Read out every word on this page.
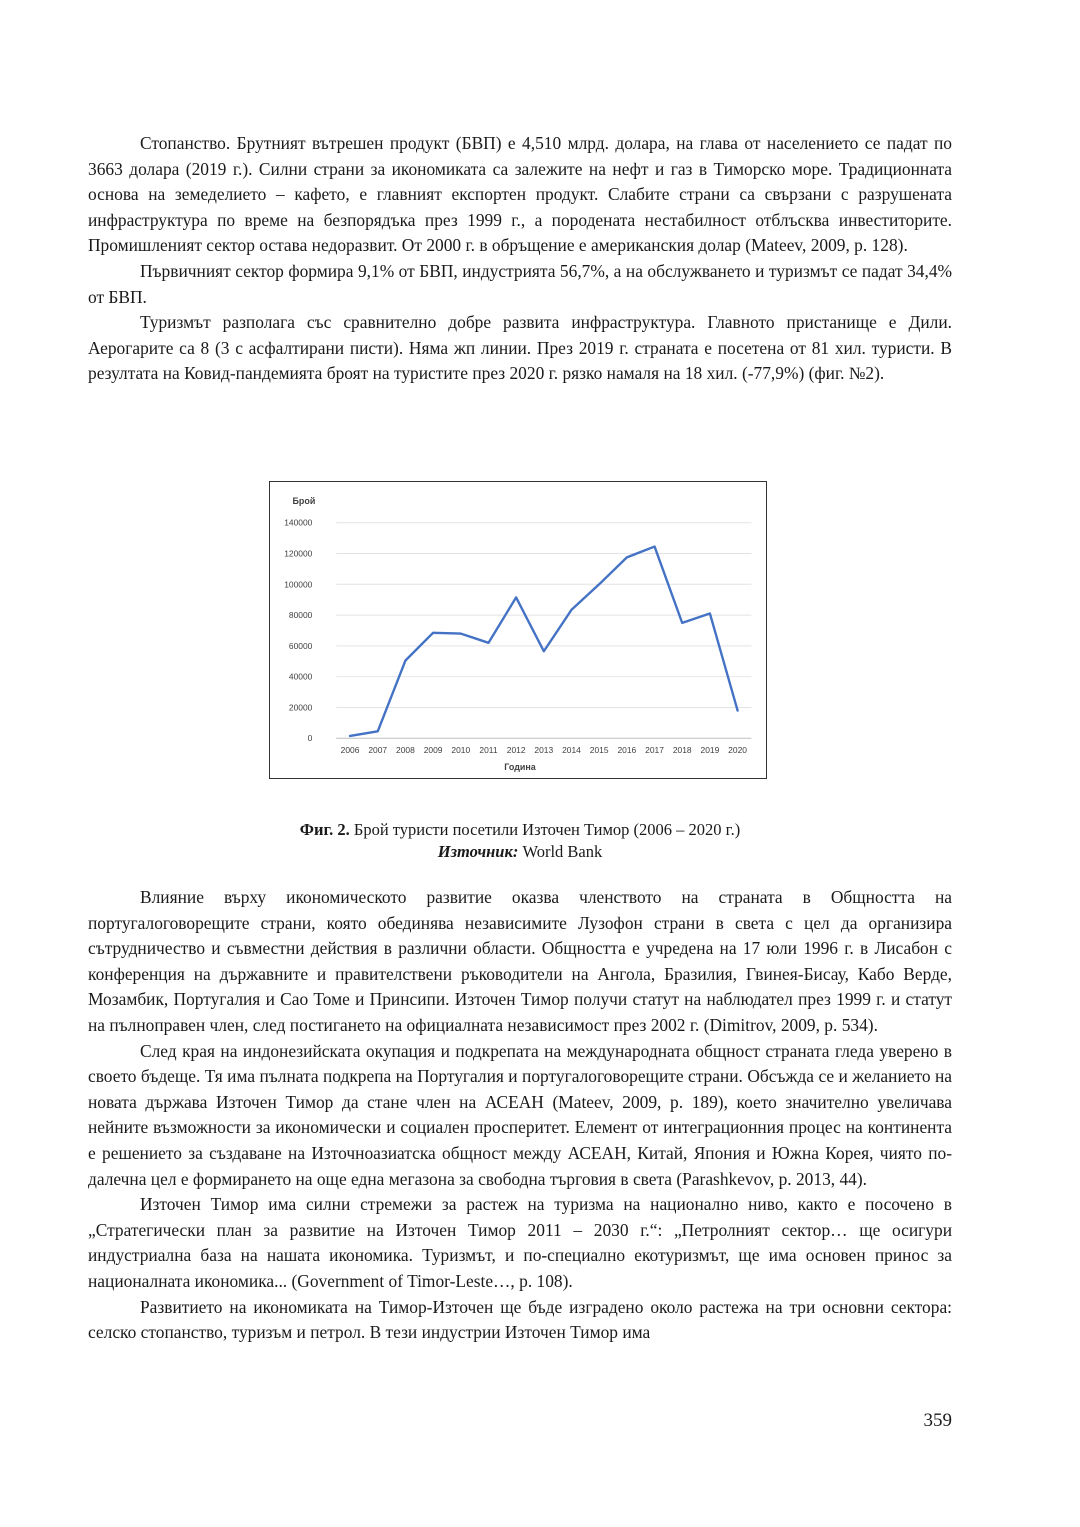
Стопанство. Брутният вътрешен продукт (БВП) е 4,510 млрд. долара, на глава от населението се падат по 3663 долара (2019 г.). Силни страни за икономиката са залежите на нефт и газ в Тиморско море. Традиционната основа на земеделието – кафето, е главният експортен продукт. Слабите страни са свързани с разрушената инфраструктура по време на безпорядъка през 1999 г., а породената нестабилност отблъсква инвеститорите. Промишленият сектор остава недоразвит. От 2000 г. в обръщение е американския долар (Mateev, 2009, p. 128).

Първичният сектор формира 9,1% от БВП, индустрията 56,7%, а на обслужването и туризмът се падат 34,4% от БВП.

Туризмът разполага със сравнително добре развита инфраструктура. Главното пристанище е Дили. Аерогарите са 8 (3 с асфалтирани писти). Няма жп линии. През 2019 г. страната е посетена от 81 хил. туристи. В резултата на Ковид-пандемията броят на туристите през 2020 г. рязко намаля на 18 хил. (-77,9%) (фиг. №2).

Брой
0
20000
40000
60000
80000
100000
120000
140000
2006 2007 2008 2009 2010 2011 2012 2013 2014 2015 2016 2017 2018 2019 2020
Година
Фиг. 2. Брой туристи посетили Източен Тимор (2006 – 2020 г.)
Източник: World Bank

Влияние върху икономическото развитие оказва членството на страната в Общността на португалоговорещите страни, която обединява независимите Лузофон страни в света с цел да организира сътрудничество и съвместни действия в различни области. Общността е учредена на 17 юли 1996 г. в Лисабон с конференция на държавните и правителствени ръководители на Ангола, Бразилия, Гвинея-Бисау, Кабо Верде, Мозамбик, Португалия и Сао Томе и Принсипи. Източен Тимор получи статут на наблюдател през 1999 г. и статут на пълноправен член, след постигането на официалната независимост през 2002 г. (Dimitrov, 2009, p. 534).

След края на индонезийската окупация и подкрепата на международната общност страната гледа уверено в своето бъдеще. Тя има пълната подкрепа на Португалия и португалоговорещите страни. Обсъжда се и желанието на новата държава Източен Тимор да стане член на АСЕАН (Mateev, 2009, p. 189), което значително увеличава нейните възможности за икономически и социален просперитет. Елемент от интеграционния процес на континента е решението за създаване на Източноазиатска общност между АСЕАН, Китай, Япония и Южна Корея, чиято по-далечна цел е формирането на още една мегазона за свободна търговия в света (Parashkevov, p. 2013, 44).

Източен Тимор има силни стремежи за растеж на туризма на национално ниво, както е посочено в „Стратегически план за развитие на Източен Тимор 2011 – 2030 г.“: „Петролният сектор… ще осигури индустриална база на нашата икономика. Туризмът, и по-специално екотуризмът, ще има основен принос за националната икономика... (Government of Timor-Leste…, p. 108).

Развитието на икономиката на Тимор-Източен ще бъде изградено около растежа на три основни сектора: селско стопанство, туризъм и петрол. В тези индустрии Източен Тимор има

359
